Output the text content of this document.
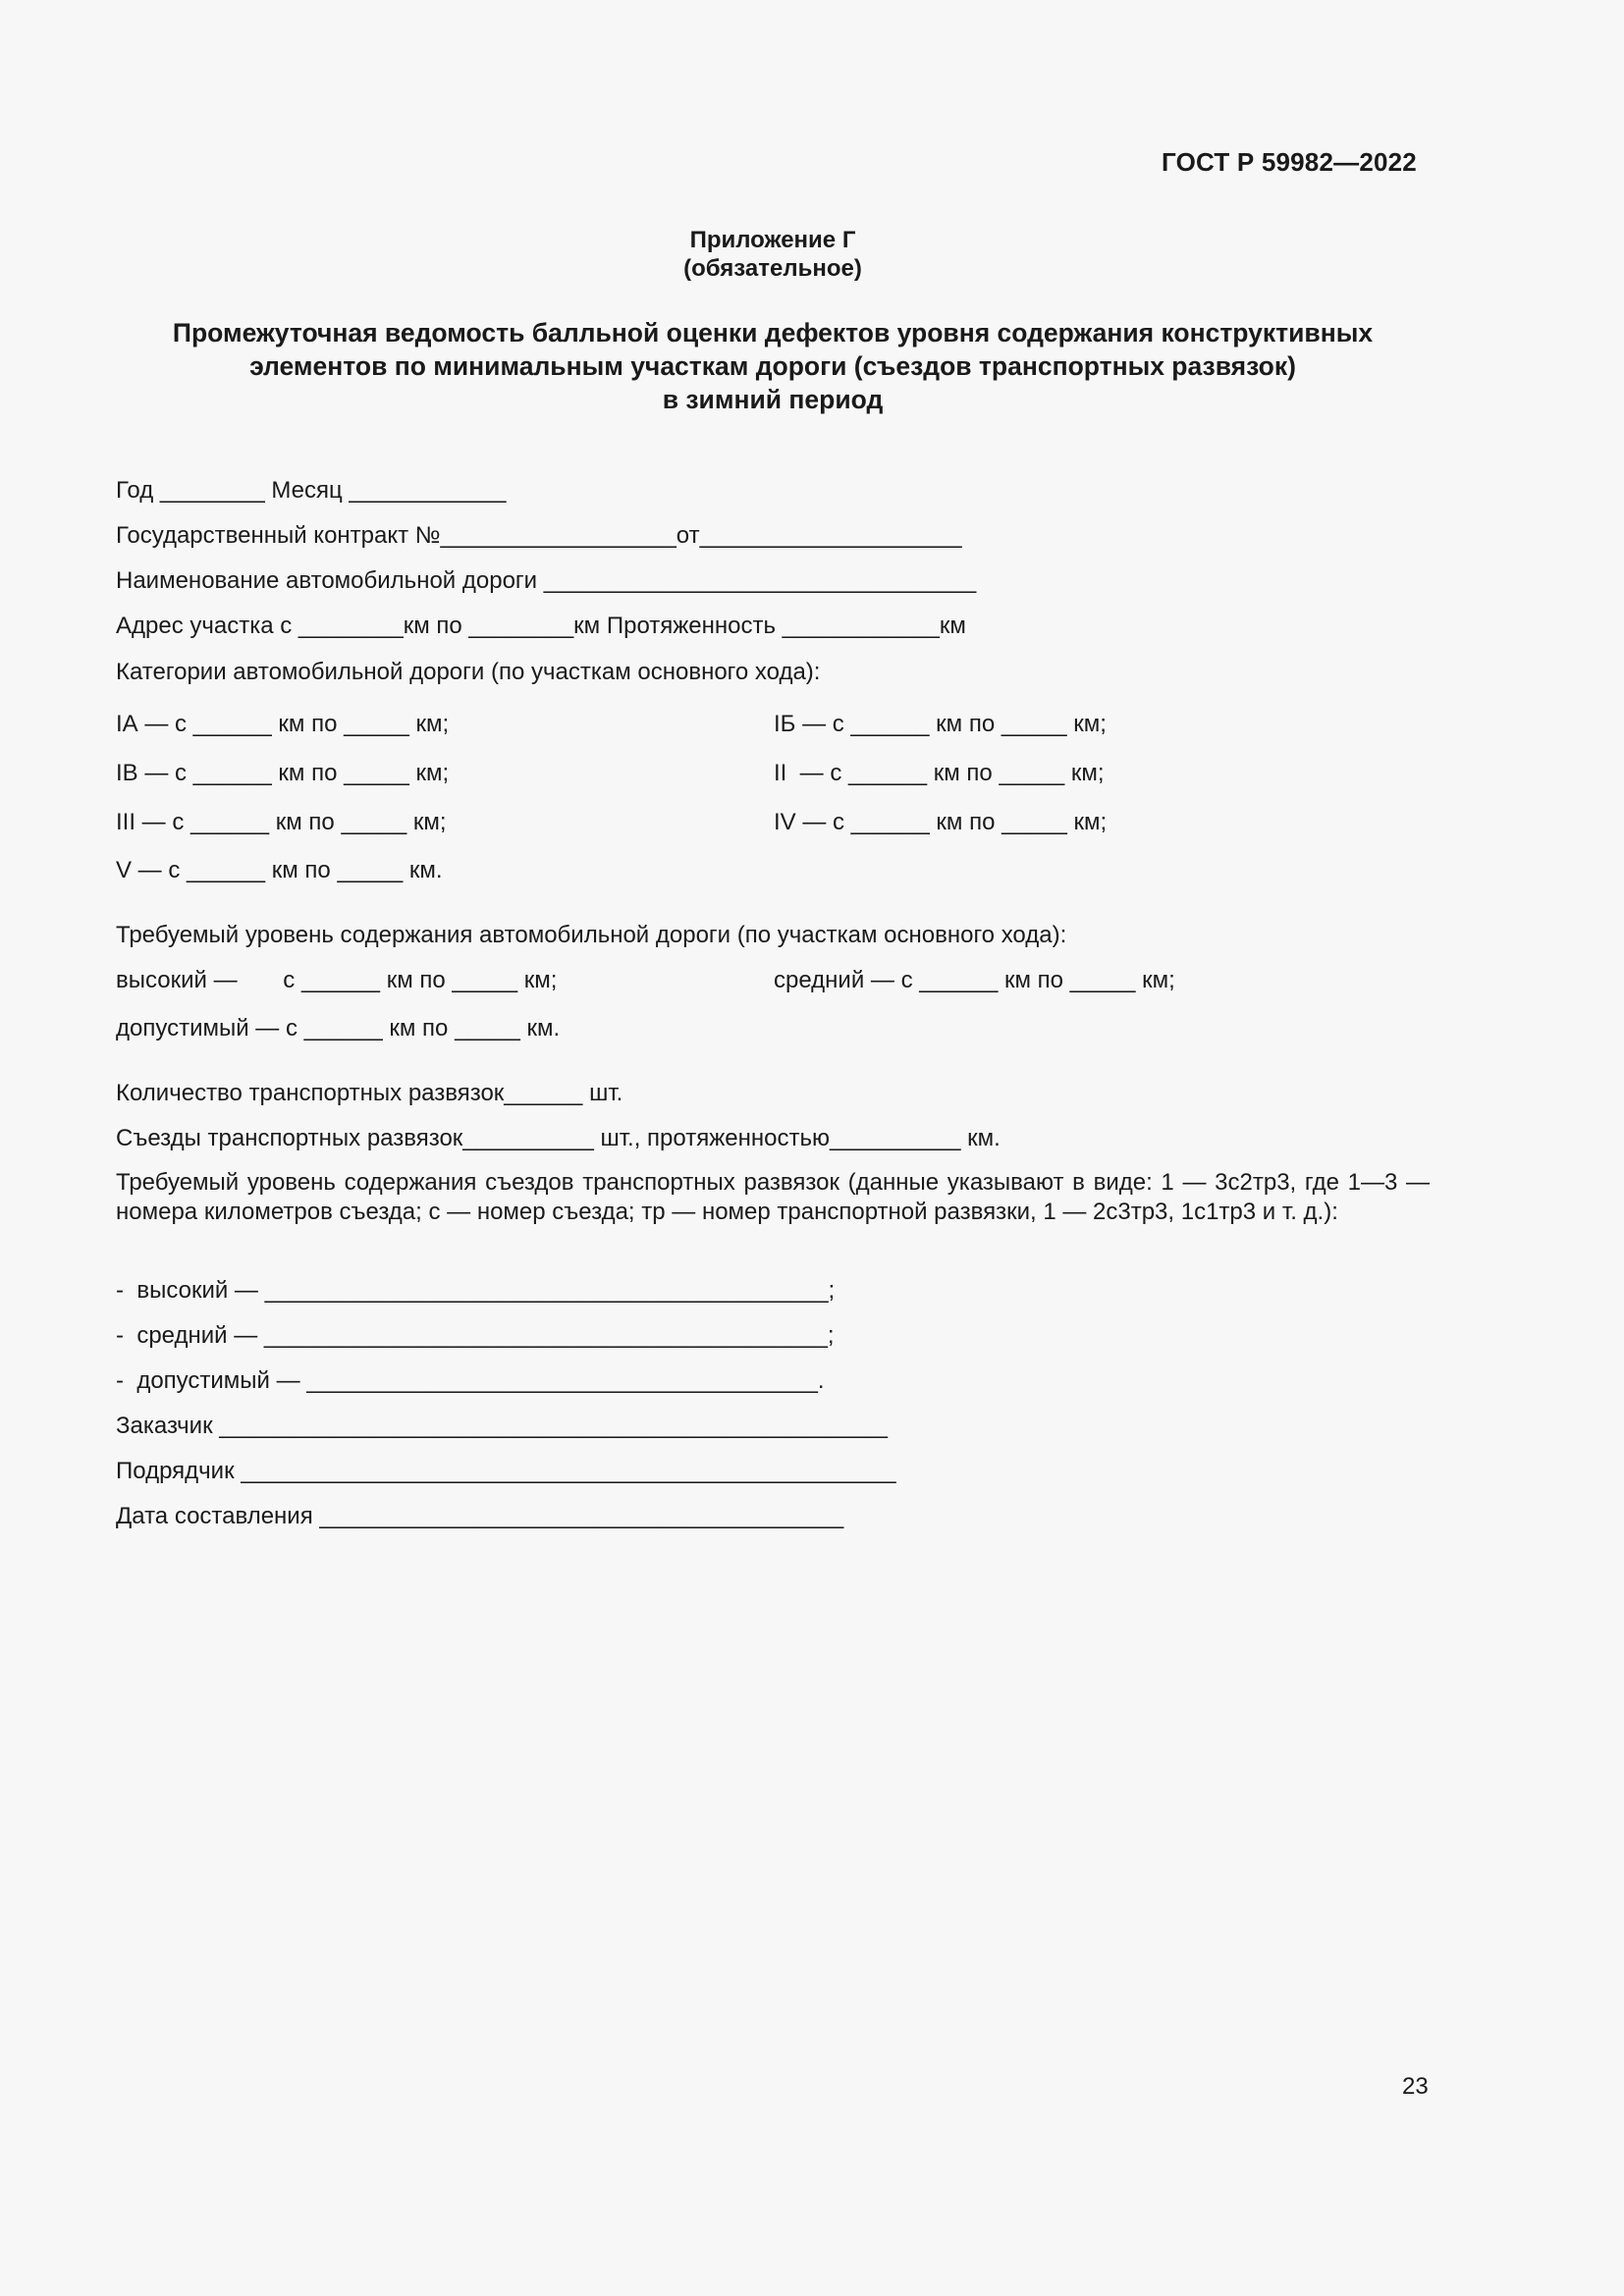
ГОСТ Р 59982—2022
Приложение Г
(обязательное)
Промежуточная ведомость балльной оценки дефектов уровня содержания конструктивных
элементов по минимальным участкам дороги (съездов транспортных развязок)
в зимний период
Год ________ Месяц ____________
Государственный контракт №__________________от____________________
Наименование автомобильной дороги _________________________________
Адрес участка с ________км по ________км Протяженность ____________км
Категории автомобильной дороги (по участкам основного хода):
IА — с ______ км по _____ км;	IБ — с ______ км по _____ км;
IВ — с ______ км по _____ км;	II  — с ______ км по _____ км;
III — с ______ км по _____ км;	IV — с ______ км по _____ км;
V — с ______ км по _____ км.
Требуемый уровень содержания автомобильной дороги (по участкам основного хода):
высокий —       с ______ км по _____ км;	средний — с ______ км по _____ км;
допустимый — с ______ км по _____ км.
Количество транспортных развязок______ шт.
Съезды транспортных развязок__________ шт., протяженностью__________ км.
Требуемый уровень содержания съездов транспортных развязок (данные указывают в виде: 1 — 3с2тр3, где 1—3 — номера километров съезда; с — номер съезда; тр — номер транспортной развязки, 1 — 2с3тр3, 1с1тр3 и т. д.):
-  высокий — ___________________________________________;
-  средний — ___________________________________________;
-  допустимый — _______________________________________.
Заказчик ___________________________________________________
Подрядчик __________________________________________________
Дата составления ________________________________________
23
